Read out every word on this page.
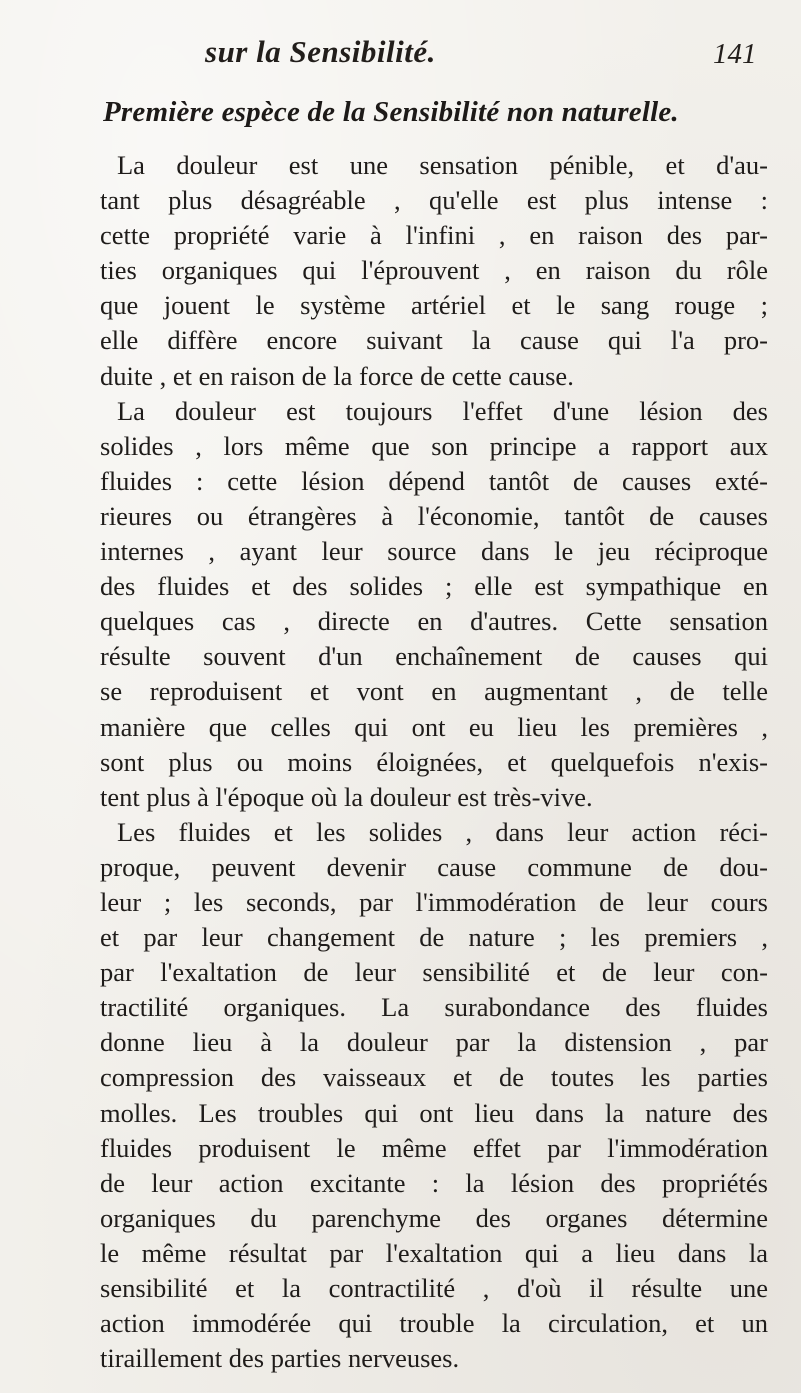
sur la Sensibilité.	141
Première espèce de la Sensibilité non naturelle.
La douleur est une sensation pénible, et d'au-
tant plus désagréable , qu'elle est plus intense :
cette propriété varie à l'infini , en raison des par-
ties organiques qui l'éprouvent , en raison du rôle
que jouent le système artériel et le sang rouge ;
elle diffère encore suivant la cause qui l'a pro-
duite , et en raison de la force de cette cause.
La douleur est toujours l'effet d'une lésion des
solides , lors même que son principe a rapport aux
fluides : cette lésion dépend tantôt de causes exté-
rieures ou étrangères à l'économie, tantôt de causes
internes , ayant leur source dans le jeu réciproque
des fluides et des solides ; elle est sympathique en
quelques cas , directe en d'autres. Cette sensation
résulte souvent d'un enchaînement de causes qui
se reproduisent et vont en augmentant , de telle
manière que celles qui ont eu lieu les premières ,
sont plus ou moins éloignées, et quelquefois n'exis-
tent plus à l'époque où la douleur est très-vive.
Les fluides et les solides , dans leur action réci-
proque, peuvent devenir cause commune de dou-
leur ; les seconds, par l'immodération de leur cours
et par leur changement de nature ; les premiers ,
par l'exaltation de leur sensibilité et de leur con-
tractilité organiques. La surabondance des fluides
donne lieu à la douleur par la distension , par
compression des vaisseaux et de toutes les parties
molles. Les troubles qui ont lieu dans la nature des
fluides produisent le même effet par l'immodération
de leur action excitante : la lésion des propriétés
organiques du parenchyme des organes détermine
le même résultat par l'exaltation qui a lieu dans la
sensibilité et la contractilité , d'où il résulte une
action immodérée qui trouble la circulation, et un
tiraillement des parties nerveuses.
